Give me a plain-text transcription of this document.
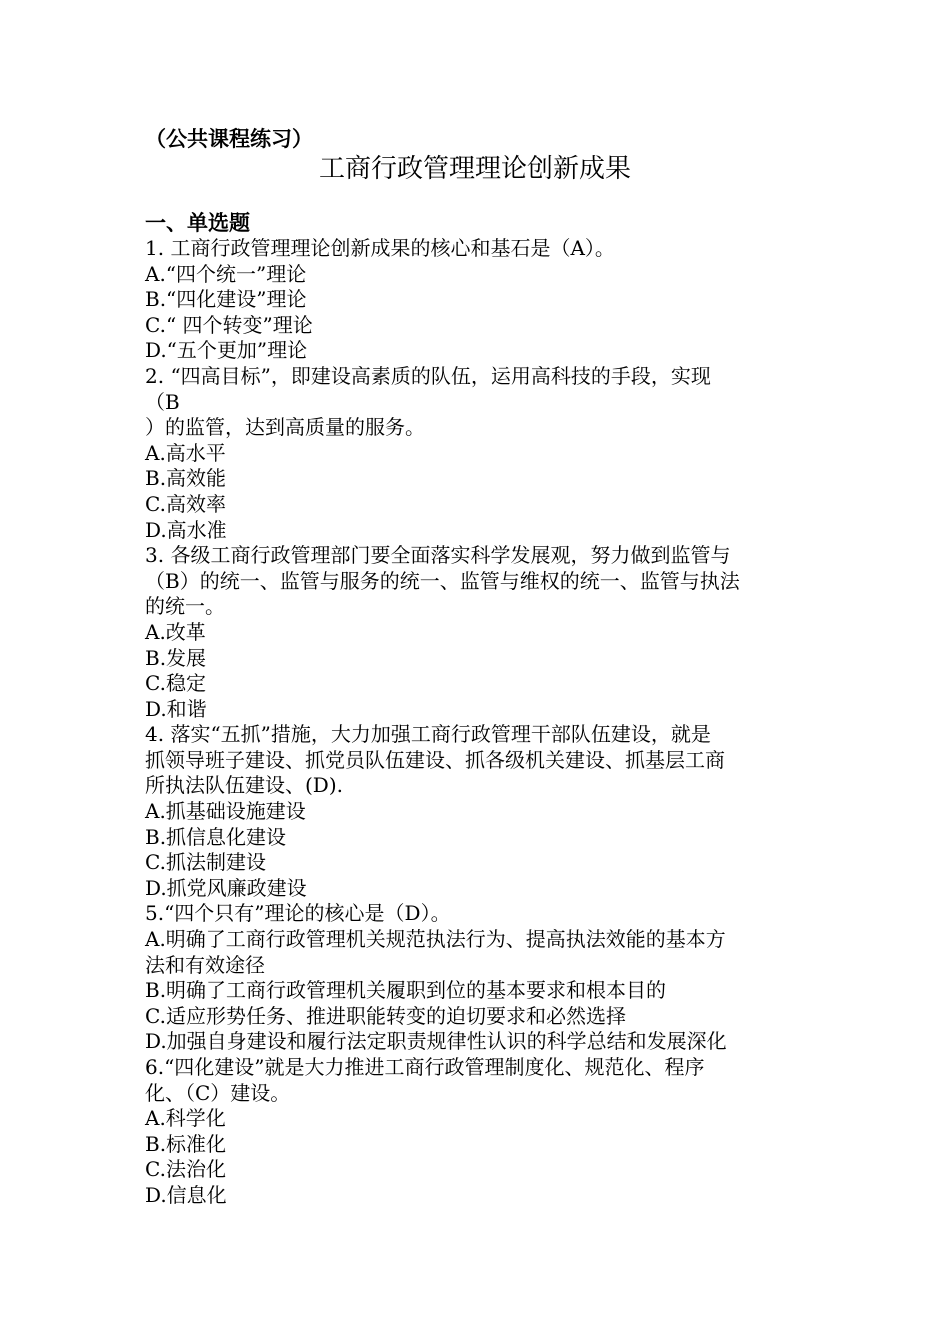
（公共课程练习）
工商行政管理理论创新成果
一、单选题
1. 工商行政管理理论创新成果的核心和基石是（A）。
A.“四个统一”理论
B.“四化建设”理论
C.“ 四个转变”理论
D.“五个更加”理论
2. “四高目标”，即建设高素质的队伍，运用高科技的手段，实现
（B
）的监管，达到高质量的服务。
A.高水平
B.高效能
C.高效率
D.高水准
3. 各级工商行政管理部门要全面落实科学发展观，努力做到监管与
（B）的统一、监管与服务的统一、监管与维权的统一、监管与执法
的统一。
A.改革
B.发展
C.稳定
D.和谐
4. 落实“五抓”措施，大力加强工商行政管理干部队伍建设，就是
抓领导班子建设、抓党员队伍建设、抓各级机关建设、抓基层工商
所执法队伍建设、(D).
A.抓基础设施建设
B.抓信息化建设
C.抓法制建设
D.抓党风廉政建设
5.“四个只有”理论的核心是（D）。
A.明确了工商行政管理机关规范执法行为、提高执法效能的基本方
法和有效途径
B.明确了工商行政管理机关履职到位的基本要求和根本目的
C.适应形势任务、推进职能转变的迫切要求和必然选择
D.加强自身建设和履行法定职责规律性认识的科学总结和发展深化
6.“四化建设”就是大力推进工商行政管理制度化、规范化、程序
化、（C）建设。
A.科学化
B.标准化
C.法治化
D.信息化
